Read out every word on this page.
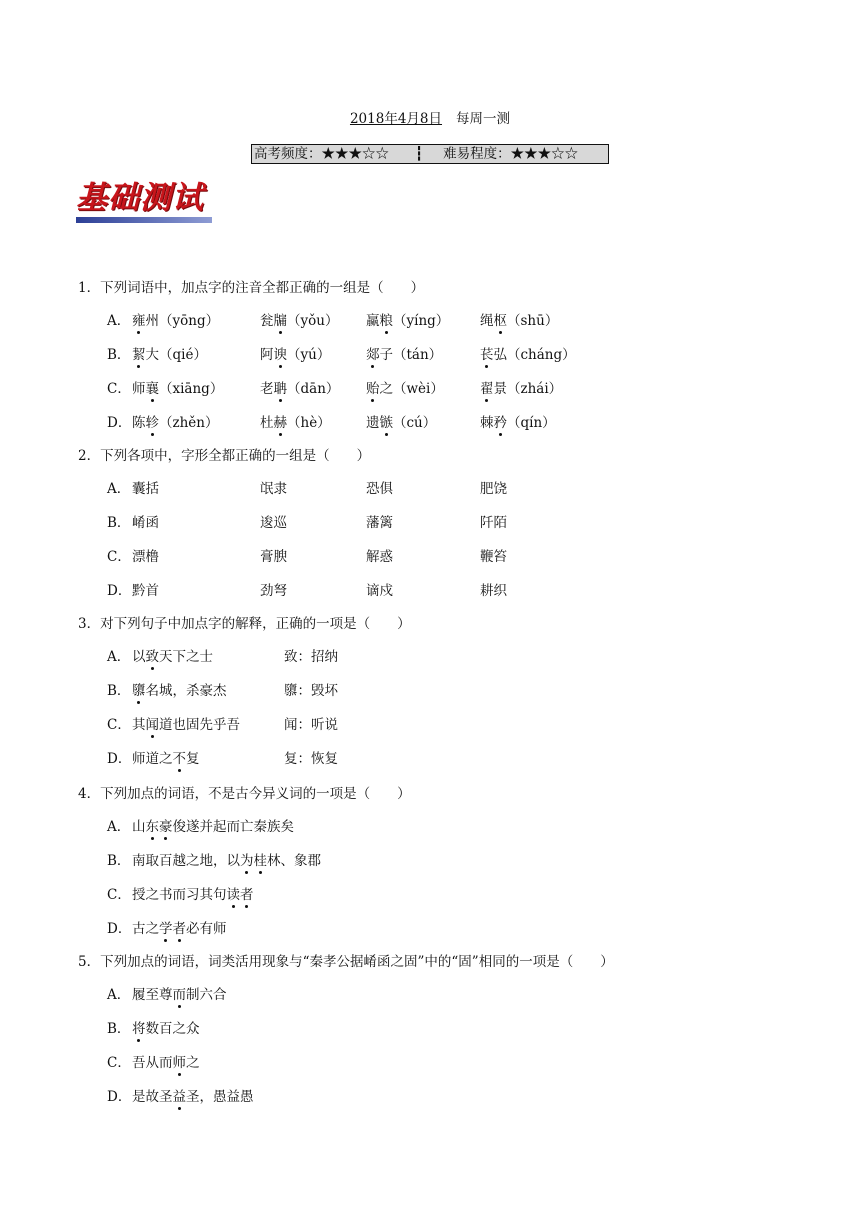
2018年4月8日 每周一测
高考频度：★★★☆☆ ┇ 难易程度：★★★☆☆
基础测试
1．下列词语中，加点字的注音全都正确的一组是（　　）
A． 雍州（yōng）	瓮牖（yǒu） 赢粮（yíng） 绳枢（shū）
B． 絜大（qié）	阿谀（yú）	郯子（tán）	苌弘（cháng）
C． 师襄（xiāng）	老聃（dān） 贻之（wèi）	翟景（zhái）
D． 陈轸（zhěn）	杜赫（hè）	遗镞（cú）	棘矜（qín）
2．下列各项中，字形全都正确的一组是（　　）
A． 囊括	氓隶	恐俱	肥饶
B． 崤函	逡巡	藩篱	阡陌
C． 漂橹	膏腴	解惑	鞭笞
D． 黔首	劲弩	谪戍	耕织
3．对下列句子中加点字的解释，正确的一项是（　　）
A． 以致天下之士	致：招纳
B． 隳名城，杀豪杰	隳：毁坏
C． 其闻道也固先乎吾	闻：听说
D． 师道之不复	复：恢复
4．下列加点的词语，不是古今异义词的一项是（　　）
A． 山东豪俊遂并起而亡秦族矣
B． 南取百越之地，以为桂林、象郡
C． 授之书而习其句读者
D． 古之学者必有师
5．下列加点的词语，词类活用现象与“秦孝公据崤函之固”中的“固”相同的一项是（　　）
A． 履至尊而制六合
B． 将数百之众
C． 吾从而师之
D． 是故圣益圣，愚益愚
